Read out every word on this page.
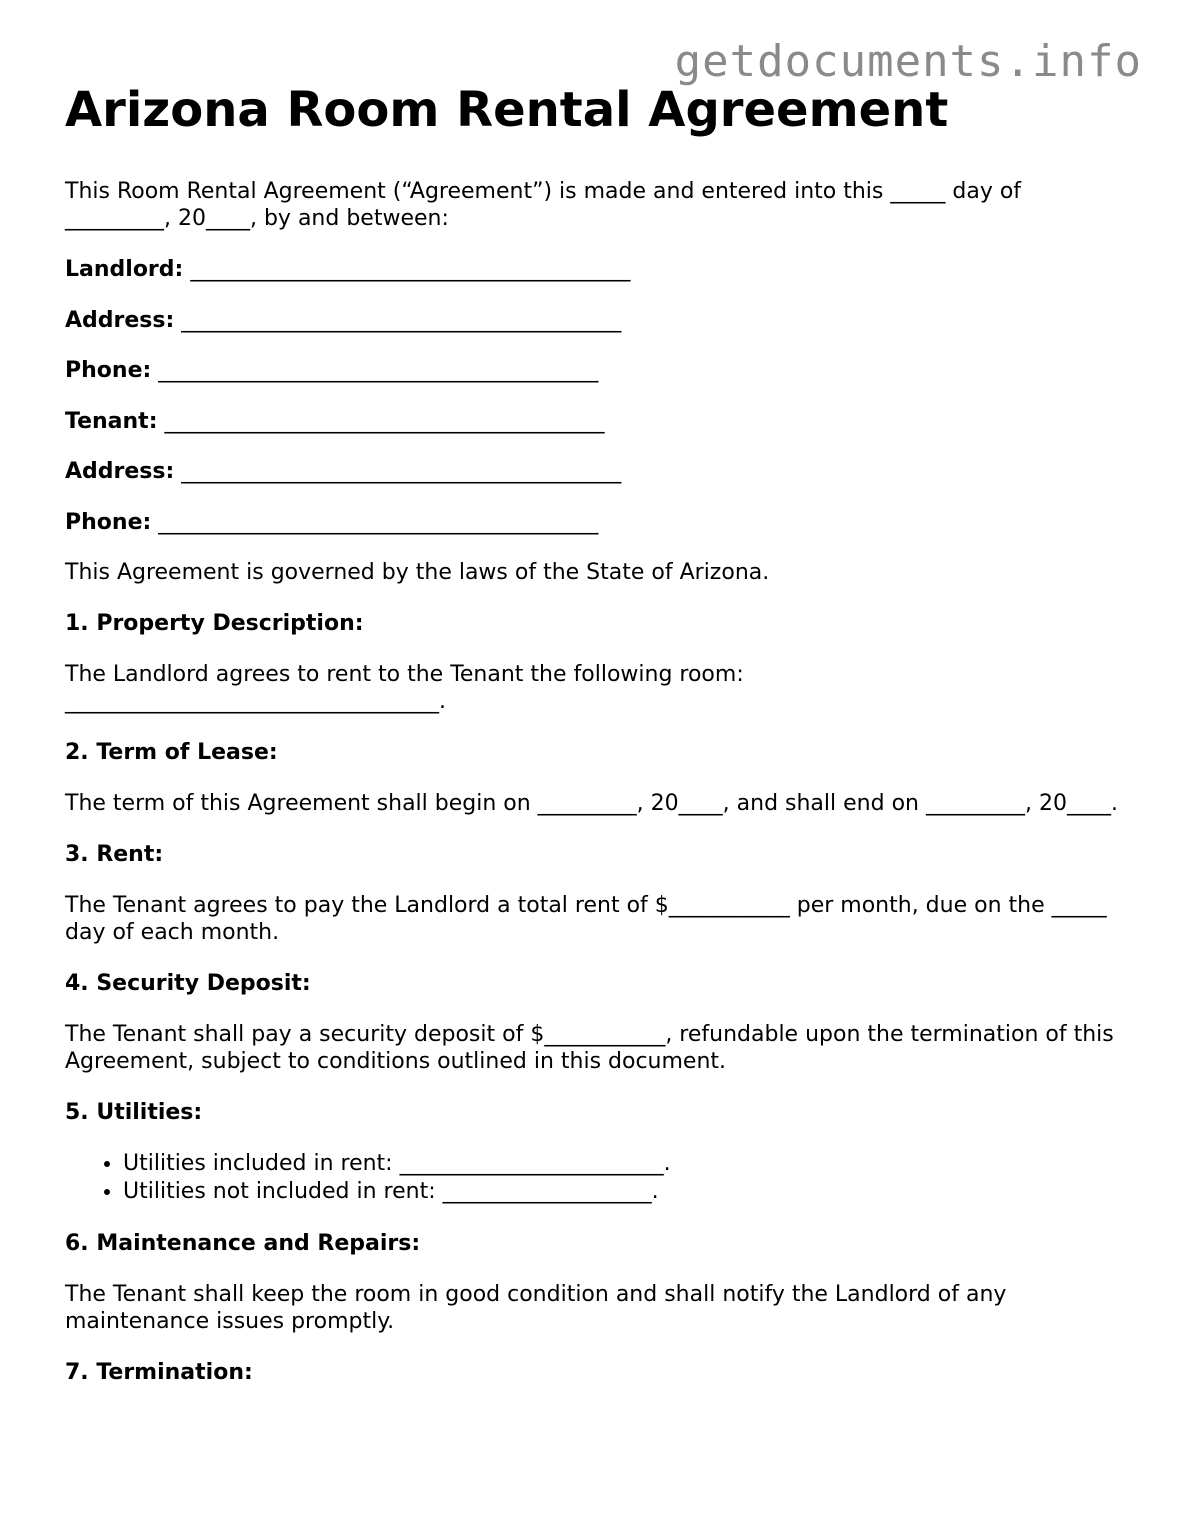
getdocuments.info
Arizona Room Rental Agreement

This Room Rental Agreement (“Agreement”) is made and entered into this _____ day of _________, 20____, by and between:

Landlord: ________________________________________
Address: ________________________________________
Phone: ________________________________________
Tenant: ________________________________________
Address: ________________________________________
Phone: ________________________________________

This Agreement is governed by the laws of the State of Arizona.

1. Property Description:

The Landlord agrees to rent to the Tenant the following room: __________________________________.

2. Term of Lease:

The term of this Agreement shall begin on _________, 20____, and shall end on _________, 20____.

3. Rent:

The Tenant agrees to pay the Landlord a total rent of $___________ per month, due on the _____ day of each month.

4. Security Deposit:

The Tenant shall pay a security deposit of $___________, refundable upon the termination of this Agreement, subject to conditions outlined in this document.

5. Utilities:
• Utilities included in rent: ________________________.
• Utilities not included in rent: ___________________.
6. Maintenance and Repairs:

The Tenant shall keep the room in good condition and shall notify the Landlord of any maintenance issues promptly.

7. Termination:
